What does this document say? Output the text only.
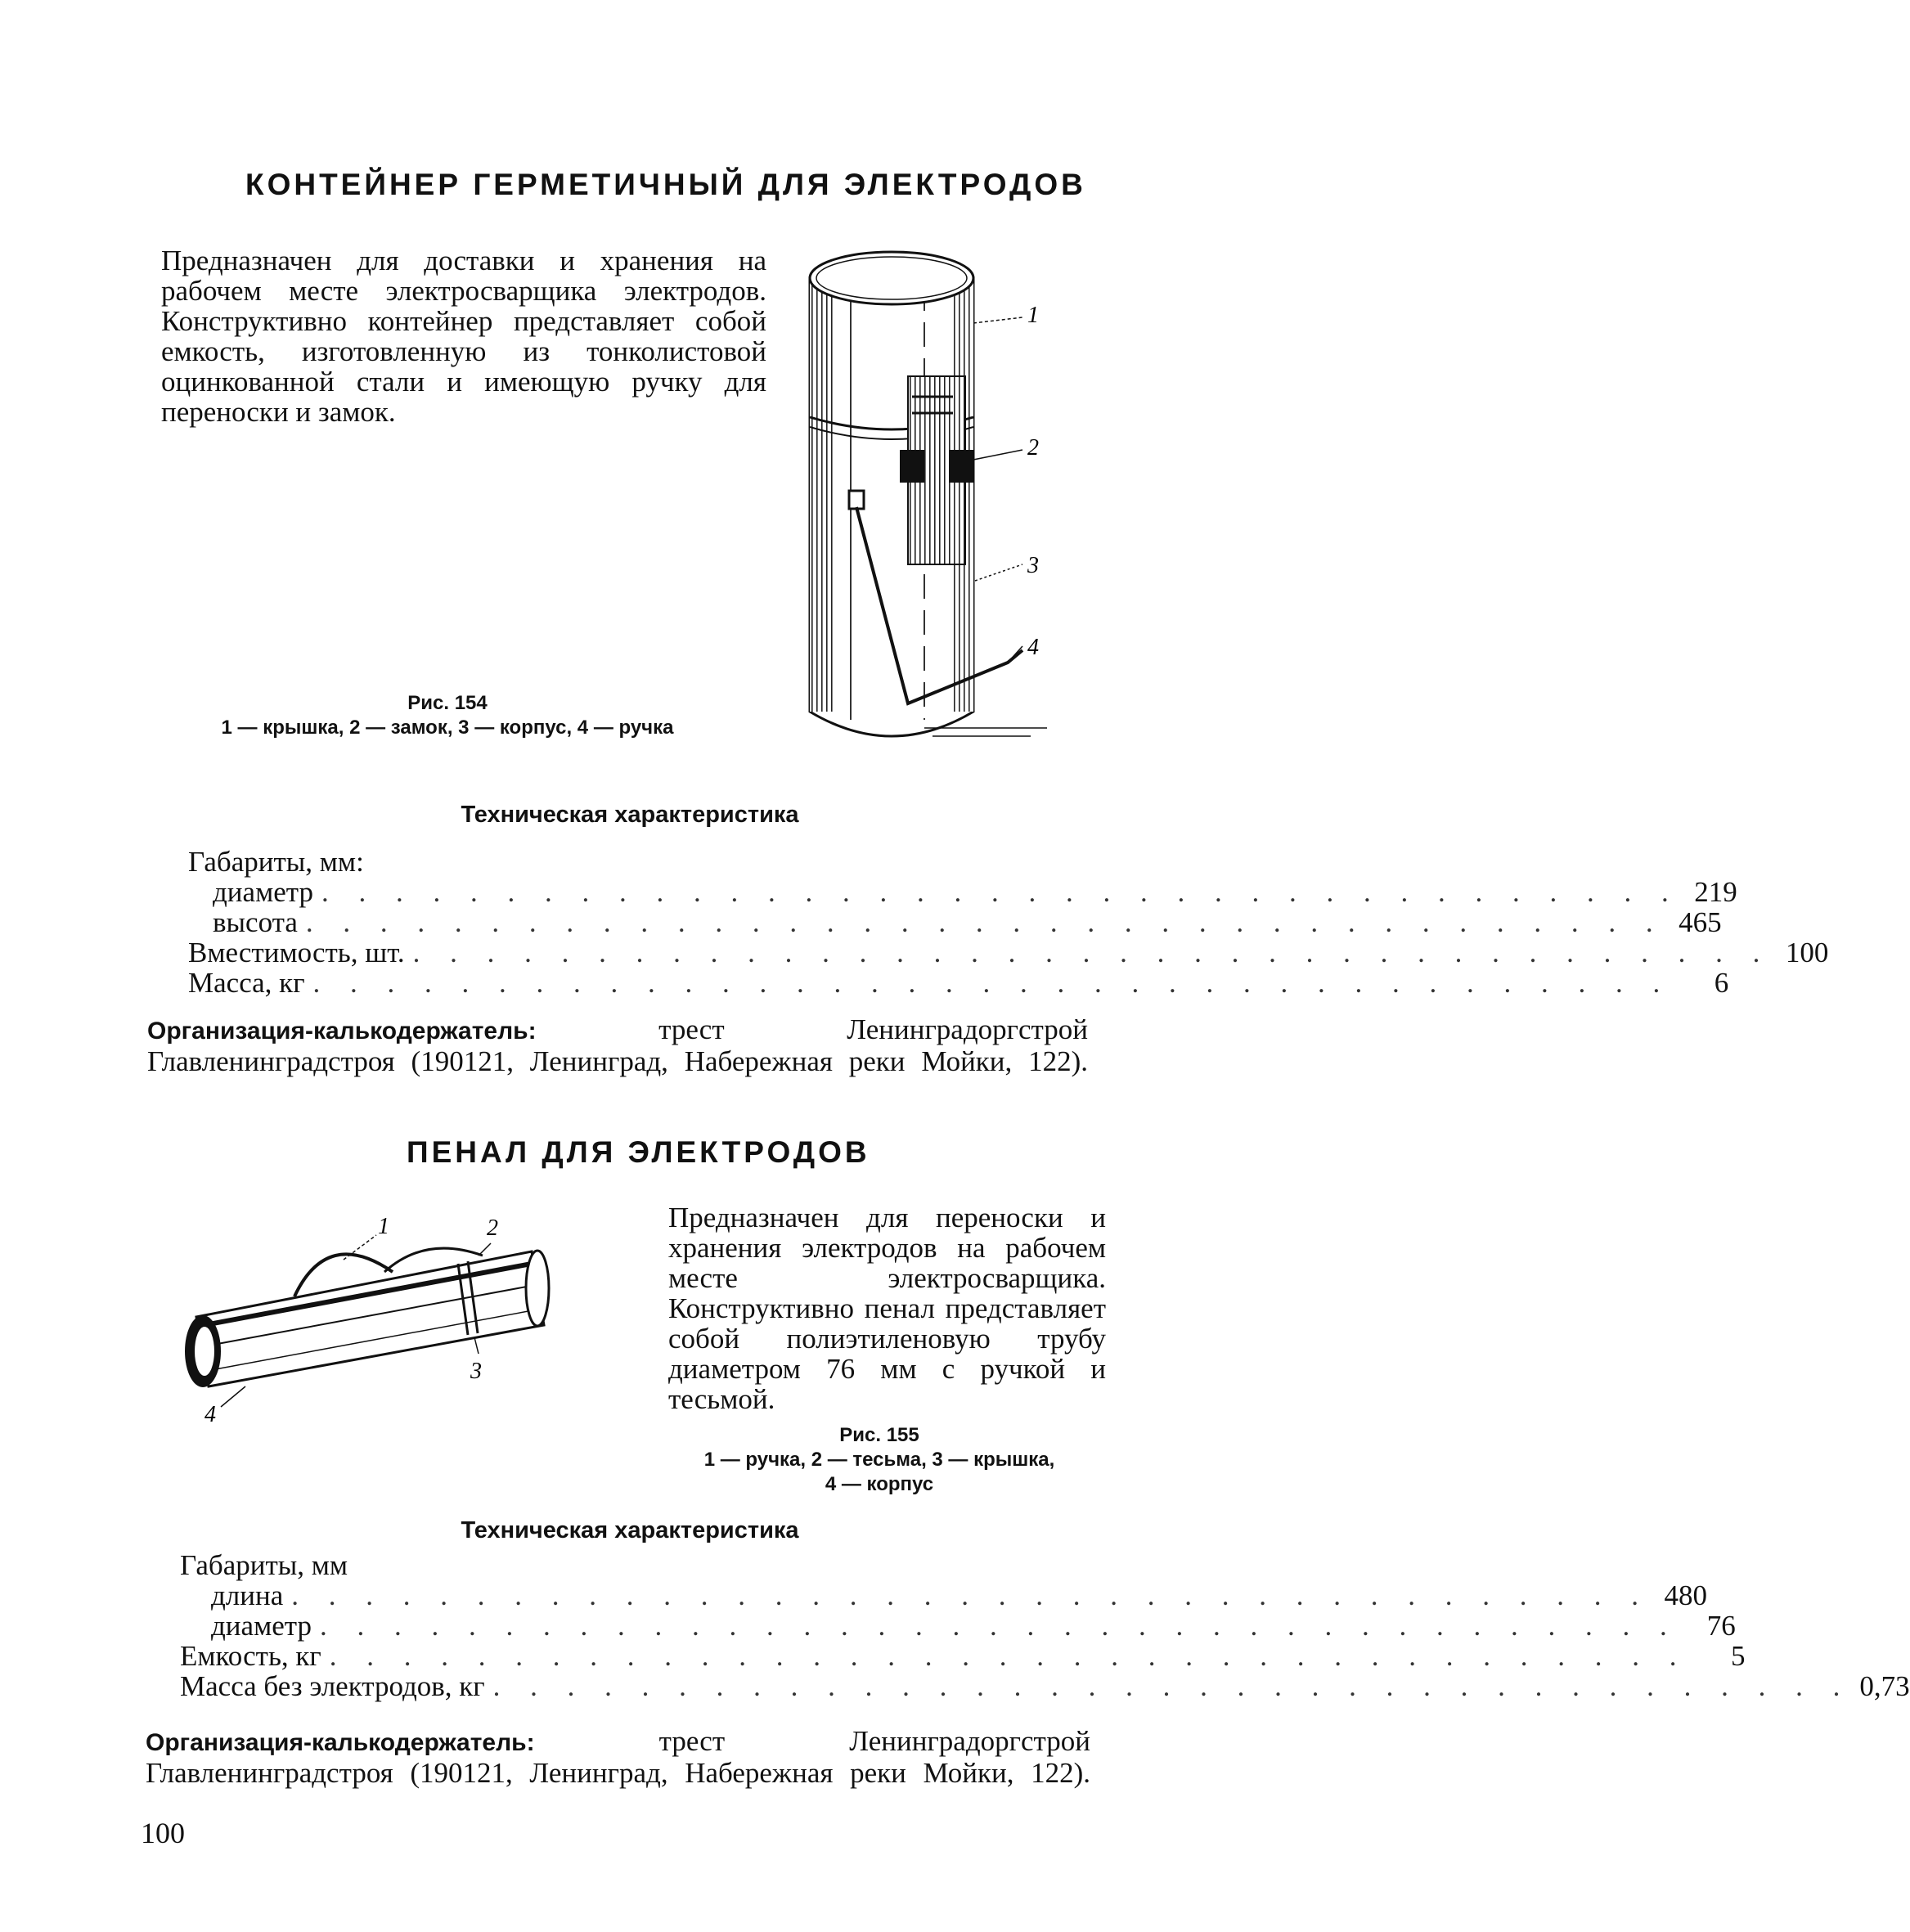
КОНТЕЙНЕР ГЕРМЕТИЧНЫЙ ДЛЯ ЭЛЕКТРОДОВ
Предназначен для доставки и хранения на рабочем месте электросварщика электродов. Конструктивно контейнер представляет собой емкость, изготовленную из тонколистовой оцинкованной стали и имеющую ручку для переноски и замок.
1
2
3
4
Рис. 154
1 — крышка, 2 — замок, 3 — корпус, 4 — ручка
Техническая характеристика
Габариты, мм:
диаметр . . . . . . . . . . . . . . . . . . . . . . . . . . . . . . . . . . . . . 219
высота . . . . . . . . . . . . . . . . . . . . . . . . . . . . . . . . . . . . . 465
Вместимость, шт. . . . . . . . . . . . . . . . . . . . . . . . . . . . . . . . . . . . . . 100
Масса, кг . . . . . . . . . . . . . . . . . . . . . . . . . . . . . . . . . . . . .	6
Организация-калькодержатель:	трест Ленинградоргстрой Главленинградстроя (190121, Ленинград, Набережная реки Мойки, 122).
ПЕНАЛ ДЛЯ ЭЛЕКТРОДОВ
1	2
3
4
Предназначен для переноски и хранения электродов на рабочем месте электросварщика. Конструктивно пенал представляет собой полиэтиленовую трубу диаметром 76 мм с ручкой и тесьмой.
Рис. 155
1 — ручка, 2 — тесьма, 3 — крышка,
4 — корпус
Техническая характеристика
Габариты, мм
длина . . . . . . . . . . . . . . . . . . . . . . . . . . . . . . . . . . . . . 480
диаметр . . . . . . . . . . . . . . . . . . . . . . . . . . . . . . . . . . . . .	76
Емкость, кг . . . . . . . . . . . . . . . . . . . . . . . . . . . . . . . . . . . . .	5
Масса без электродов, кг . . . . . . . . . . . . . . . . . . . . . . . . . . . . . . . . . . . . . 0,73
Организация-калькодержатель:	трест Ленинградоргстрой Главленинградстроя (190121, Ленинград, Набережная реки Мойки, 122).
100
